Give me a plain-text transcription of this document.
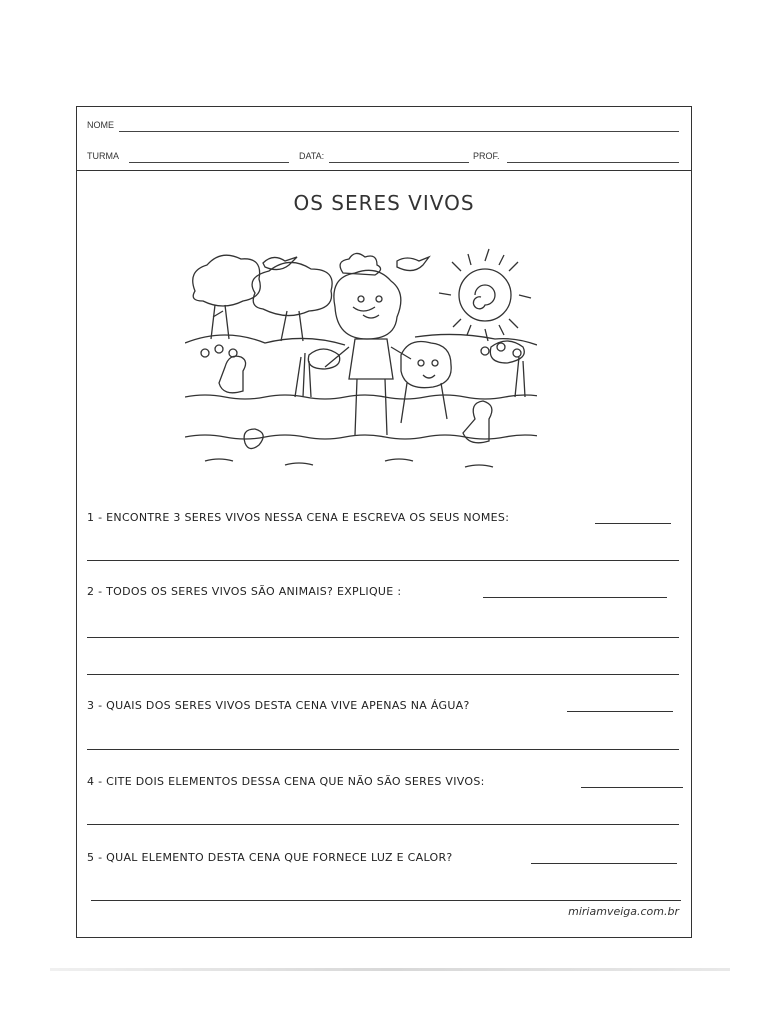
NOME
TURMA	DATA:	PROF.
OS SERES VIVOS
1 - ENCONTRE 3 SERES VIVOS NESSA CENA E ESCREVA OS SEUS NOMES:
2 - TODOS OS SERES VIVOS SÃO ANIMAIS? EXPLIQUE :
3 - QUAIS DOS SERES VIVOS DESTA CENA VIVE APENAS NA ÁGUA?
4 - CITE DOIS ELEMENTOS DESSA CENA QUE NÃO SÃO SERES VIVOS:
5 - QUAL ELEMENTO DESTA CENA QUE FORNECE LUZ E CALOR?
miriamveiga.com.br
